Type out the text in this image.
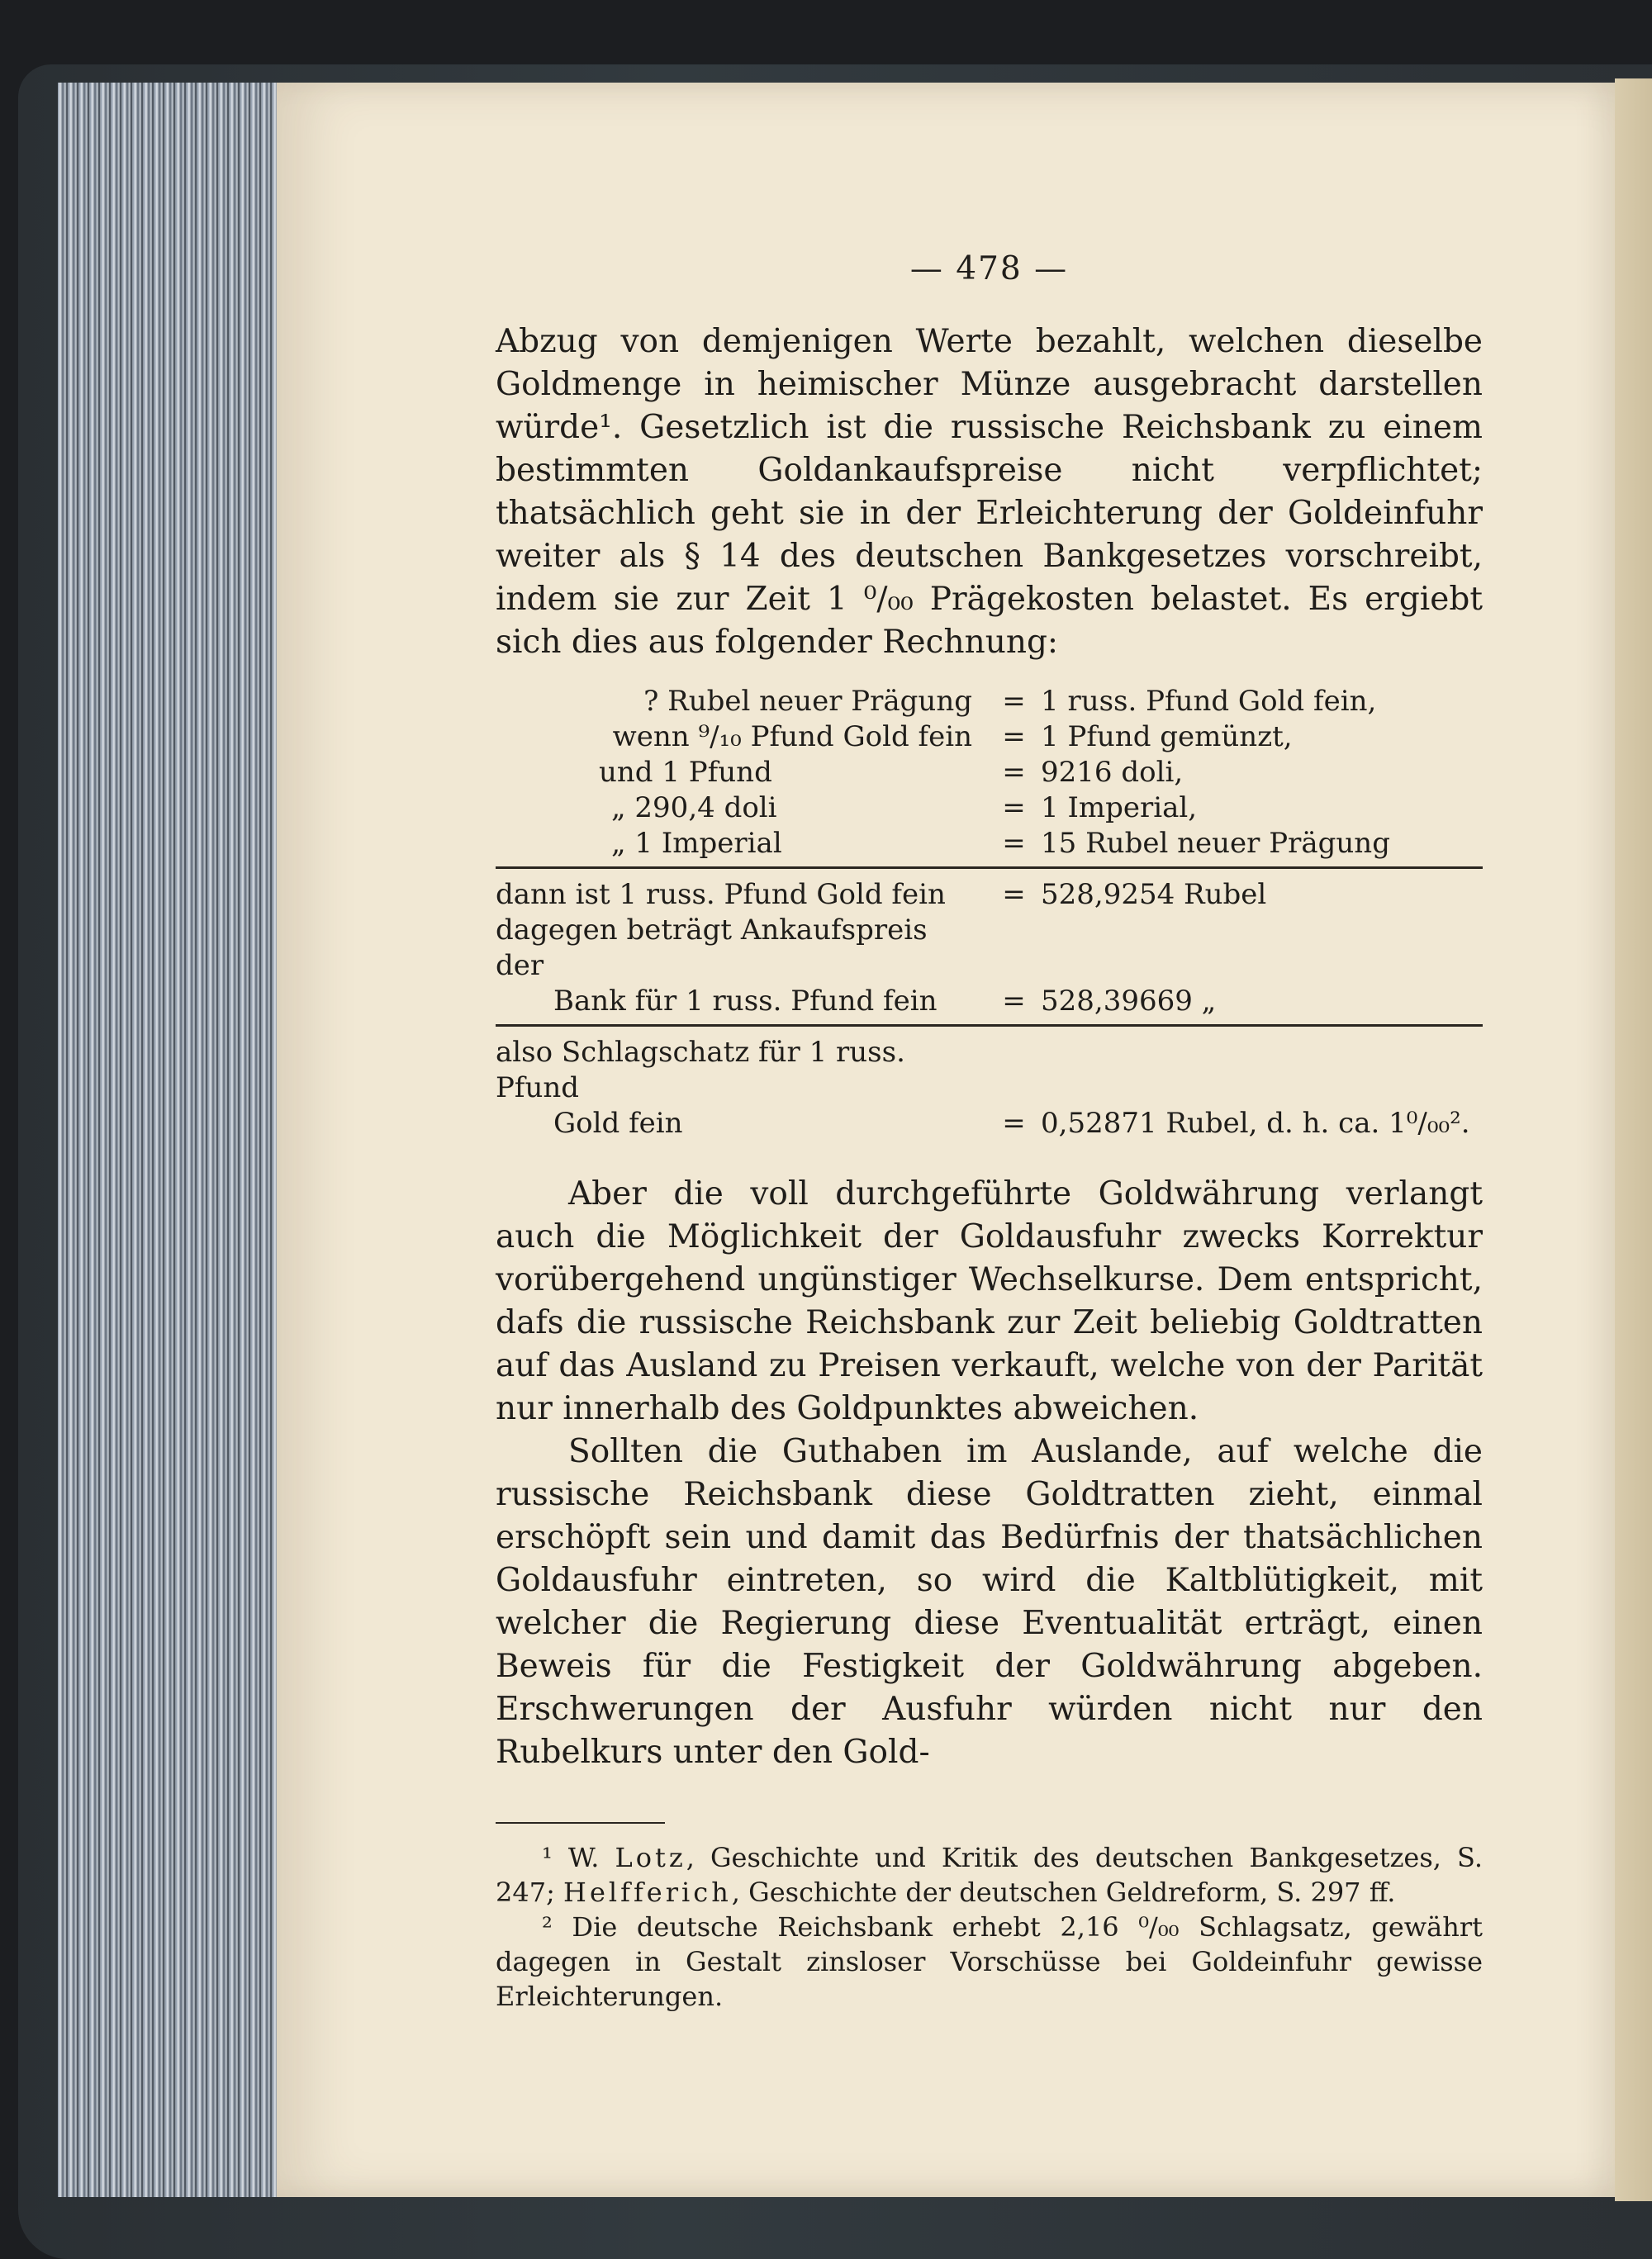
— 478 —

Abzug von demjenigen Werte bezahlt, welchen dieselbe Goldmenge in heimischer Münze ausgebracht darstellen würde¹. Gesetzlich ist die russische Reichsbank zu einem bestimmten Goldankaufspreise nicht verpflichtet; thatsächlich geht sie in der Erleichterung der Goldeinfuhr weiter als § 14 des deutschen Bankgesetzes vorschreibt, indem sie zur Zeit 1 ⁰/₀₀ Prägekosten belastet. Es ergiebt sich dies aus folgender Rechnung:

? Rubel neuer Prägung	= 1 russ. Pfund Gold fein,
wenn ⁹/₁₀ Pfund Gold fein	= 1 Pfund gemünzt,
und 1 Pfund	= 9216 doli,
„ 290,4 doli	= 1 Imperial,
„ 1 Imperial	= 15 Rubel neuer Prägung
dann ist 1 russ. Pfund Gold fein	= 528,9254 Rubel
dagegen beträgt Ankaufspreis der
Bank für 1 russ. Pfund fein	= 528,39669 „
also Schlagschatz für 1 russ. Pfund
Gold fein	= 0,52871 Rubel, d. h. ca. 1⁰/₀₀².

Aber die voll durchgeführte Goldwährung verlangt auch die Möglichkeit der Goldausfuhr zwecks Korrektur vorübergehend ungünstiger Wechselkurse. Dem entspricht, dafs die russische Reichsbank zur Zeit beliebig Goldtratten auf das Ausland zu Preisen verkauft, welche von der Parität nur innerhalb des Goldpunktes abweichen.

Sollten die Guthaben im Auslande, auf welche die russische Reichsbank diese Goldtratten zieht, einmal erschöpft sein und damit das Bedürfnis der thatsächlichen Goldausfuhr eintreten, so wird die Kaltblütigkeit, mit welcher die Regierung diese Eventualität erträgt, einen Beweis für die Festigkeit der Goldwährung abgeben. Erschwerungen der Ausfuhr würden nicht nur den Rubelkurs unter den Gold-

¹ W. Lotz, Geschichte und Kritik des deutschen Bankgesetzes, S. 247; Helfferich, Geschichte der deutschen Geldreform, S. 297 ff.

² Die deutsche Reichsbank erhebt 2,16 ⁰/₀₀ Schlagsatz, gewährt dagegen in Gestalt zinsloser Vorschüsse bei Goldeinfuhr gewisse Erleichterungen.
